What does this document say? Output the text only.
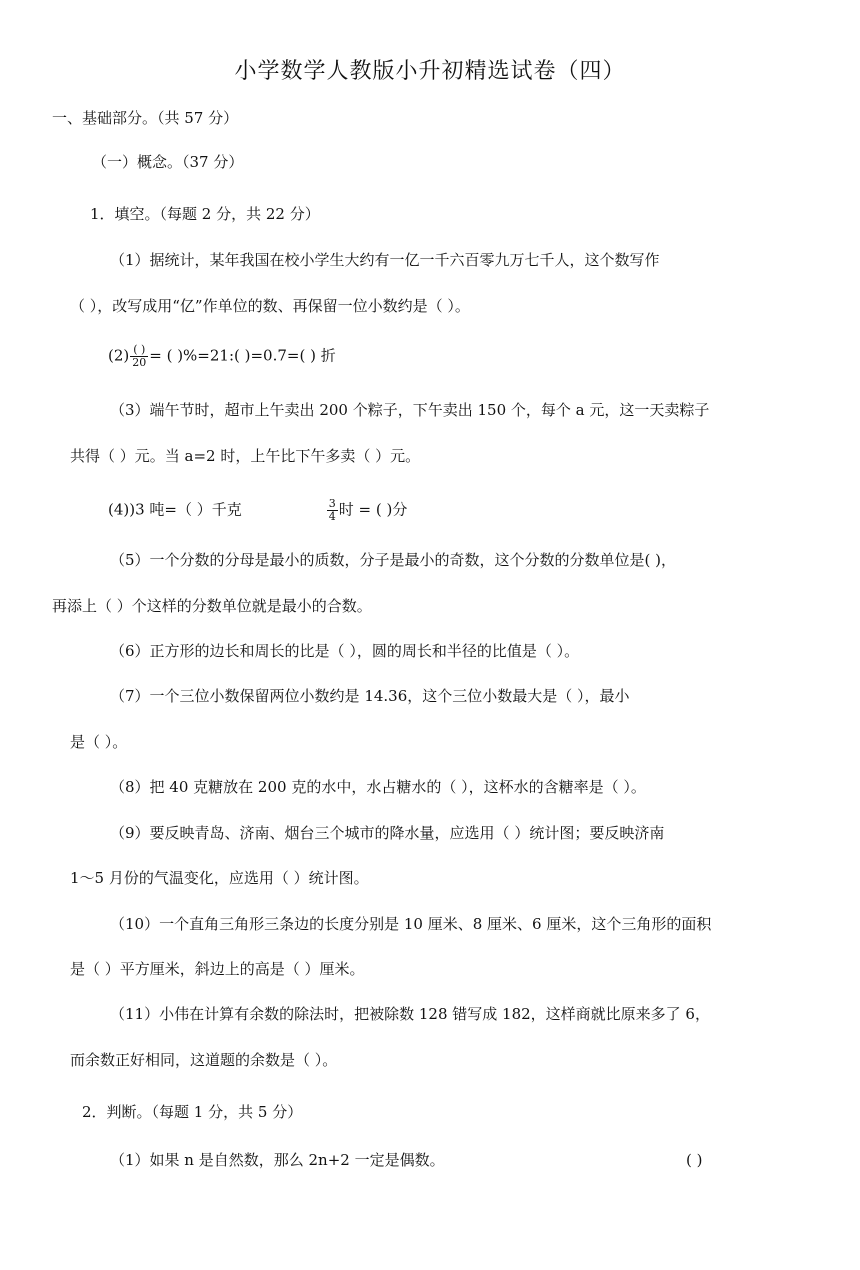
小学数学人教版小升初精选试卷（四）
一、基础部分。（共 57 分）
（一）概念。（37 分）
1．填空。（每题 2 分，共 22 分）
（1）据统计，某年我国在校小学生大约有一亿一千六百零九万七千人，这个数写作
（ ），改写成用“亿”作单位的数、再保留一位小数约是（ ）。
$(2) \frac{( )}{20}$ = ( )%=21:( )=0.7=( ) 折
（3）端午节时，超市上午卖出 200 个粽子，下午卖出 150 个，每个 a 元，这一天卖粽子
共得（ ）元。当 a=2 时，上午比下午多卖（ ）元。
(4))3 吨=（ ）千克	$\frac{3}{4}$ 时 = ( )分
（5）一个分数的分母是最小的质数，分子是最小的奇数，这个分数的分数单位是( )，
再添上（ ）个这样的分数单位就是最小的合数。
（6）正方形的边长和周长的比是（ ），圆的周长和半径的比值是（ ）。
（7）一个三位小数保留两位小数约是 14.36，这个三位小数最大是（ ），最小
是（ ）。
（8）把 40 克糖放在 200 克的水中，水占糖水的（ ），这杯水的含糖率是（ ）。
（9）要反映青岛、济南、烟台三个城市的降水量，应选用（ ）统计图；要反映济南
1～5 月份的气温变化，应选用（ ）统计图。
（10）一个直角三角形三条边的长度分别是 10 厘米、8 厘米、6 厘米，这个三角形的面积
是（ ）平方厘米，斜边上的高是（ ）厘米。
（11）小伟在计算有余数的除法时，把被除数 128 错写成 182，这样商就比原来多了 6，
而余数正好相同，这道题的余数是（ ）。
2．判断。（每题 1 分，共 5 分）
（1）如果 n 是自然数，那么 2n+2 一定是偶数。	( )
